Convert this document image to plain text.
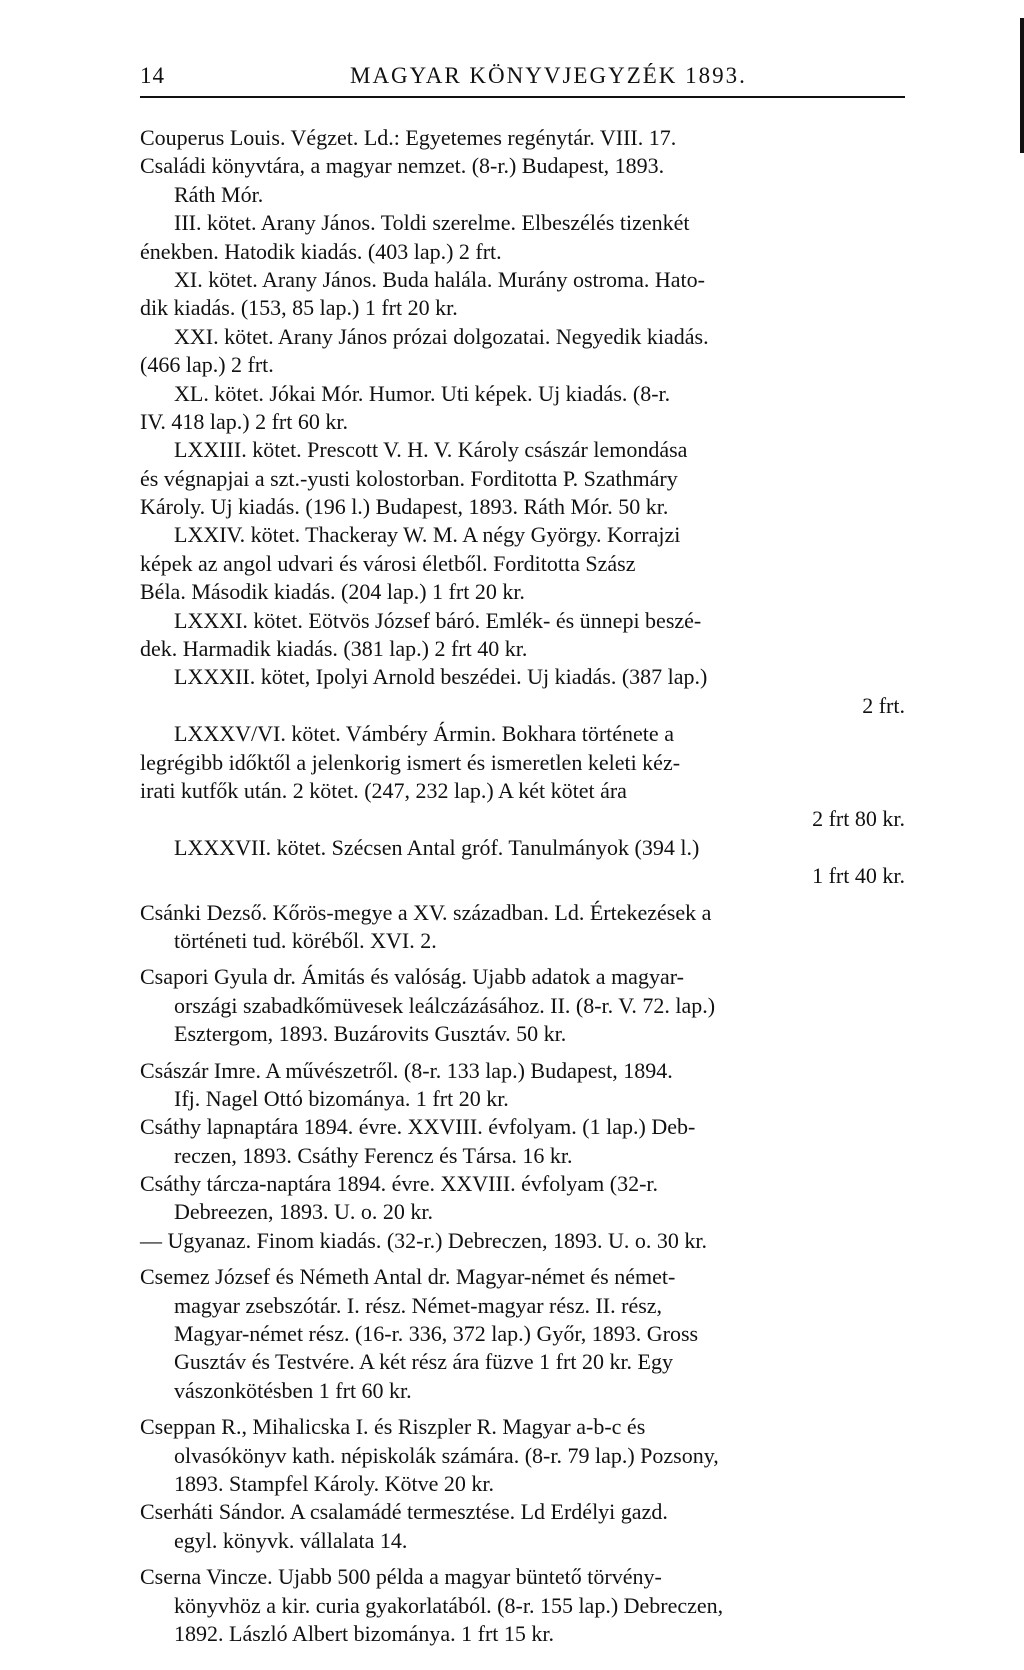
14	MAGYAR KÖNYVJEGYZÉK 1893.
Couperus Louis. Végzet. Ld.: Egyetemes regénytár. VIII. 17.
Családi könyvtára, a magyar nemzet. (8-r.) Budapest, 1893.
Ráth Mór.
III. kötet. Arany János. Toldi szerelme. Elbeszélés tizenkét
énekben. Hatodik kiadás. (403 lap.) 2 frt.
XI. kötet. Arany János. Buda halála. Murány ostroma. Hato-
dik kiadás. (153, 85 lap.) 1 frt 20 kr.
XXI. kötet. Arany János prózai dolgozatai. Negyedik kiadás.
(466 lap.) 2 frt.
XL. kötet. Jókai Mór. Humor. Uti képek. Uj kiadás. (8-r.
IV. 418 lap.) 2 frt 60 kr.
LXXIII. kötet. Prescott V. H. V. Károly császár lemondása
és végnapjai a szt.-yusti kolostorban. Forditotta P. Szathmáry
Károly. Uj kiadás. (196 l.) Budapest, 1893. Ráth Mór. 50 kr.
LXXIV. kötet. Thackeray W. M. A négy György. Korrajzi
képek az angol udvari és városi életből. Forditotta Szász
Béla. Második kiadás. (204 lap.) 1 frt 20 kr.
LXXXI. kötet. Eötvös József báró. Emlék- és ünnepi beszé-
dek. Harmadik kiadás. (381 lap.) 2 frt 40 kr.
LXXXII. kötet, Ipolyi Arnold beszédei. Uj kiadás. (387 lap.)
2 frt.
LXXXV/VI. kötet. Vámbéry Ármin. Bokhara története a
legrégibb időktől a jelenkorig ismert és ismeretlen keleti kéz-
irati kutfők után. 2 kötet. (247, 232 lap.) A két kötet ára
2 frt 80 kr.
LXXXVII. kötet. Szécsen Antal gróf. Tanulmányok (394 l.)
1 frt 40 kr.
Csánki Dezső. Kőrös-megye a XV. században. Ld. Értekezések a
történeti tud. köréből. XVI. 2.
Csapori Gyula dr. Ámitás és valóság. Ujabb adatok a magyar-
országi szabadkőmüvesek leálczázásához. II. (8-r. V. 72. lap.)
Esztergom, 1893. Buzárovits Gusztáv. 50 kr.
Császár Imre. A művészetről. (8-r. 133 lap.) Budapest, 1894.
Ifj. Nagel Ottó bizománya. 1 frt 20 kr.
Csáthy lapnaptára 1894. évre. XXVIII. évfolyam. (1 lap.) Deb-
reczen, 1893. Csáthy Ferencz és Társa. 16 kr.
Csáthy tárcza-naptára 1894. évre. XXVIII. évfolyam (32-r.
Debreezen, 1893. U. o. 20 kr.
— Ugyanaz. Finom kiadás. (32-r.) Debreczen, 1893. U. o. 30 kr.
Csemez József és Németh Antal dr. Magyar-német és német-
magyar zsebszótár. I. rész. Német-magyar rész. II. rész,
Magyar-német rész. (16-r. 336, 372 lap.) Győr, 1893. Gross
Gusztáv és Testvére. A két rész ára füzve 1 frt 20 kr. Egy
vászonkötésben 1 frt 60 kr.
Cseppan R., Mihalicska I. és Riszpler R. Magyar a-b-c és
olvasókönyv kath. népiskolák számára. (8-r. 79 lap.) Pozsony,
1893. Stampfel Károly. Kötve 20 kr.
Cserháti Sándor. A csalamádé termesztése. Ld Erdélyi gazd.
egyl. könyvk. vállalata 14.
Cserna Vincze. Ujabb 500 példa a magyar büntető törvény-
könyvhöz a kir. curia gyakorlatából. (8-r. 155 lap.) Debreczen,
1892. László Albert bizománya. 1 frt 15 kr.
